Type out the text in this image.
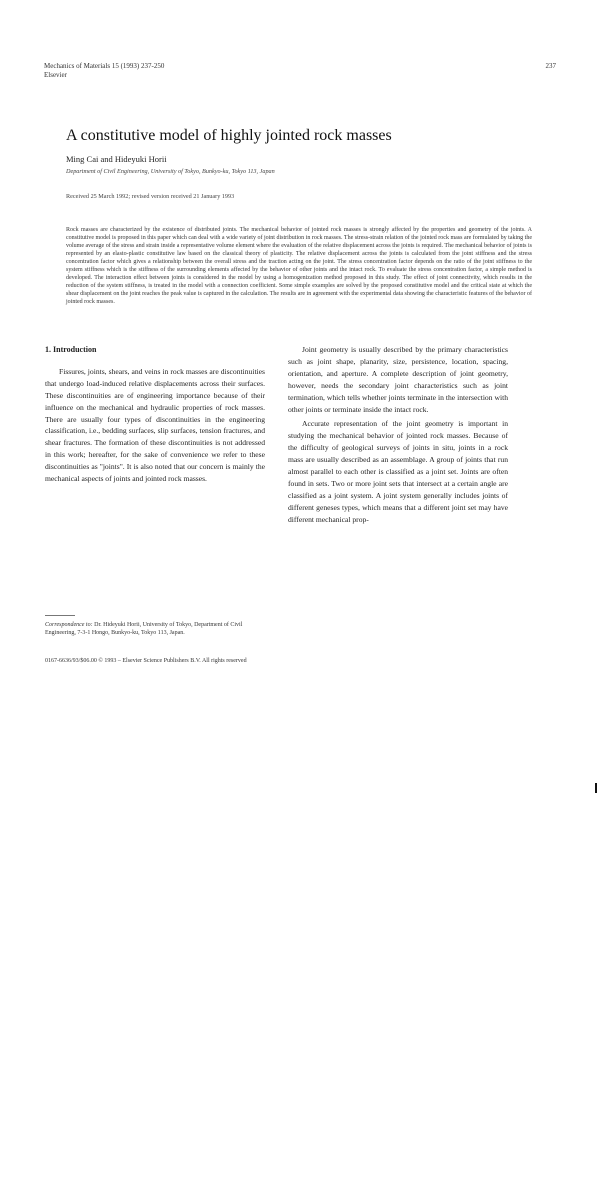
Mechanics of Materials 15 (1993) 237-250
Elsevier
237
A constitutive model of highly jointed rock masses
Ming Cai and Hideyuki Horii
Department of Civil Engineering, University of Tokyo, Bunkyo-ku, Tokyo 113, Japan
Received 25 March 1992; revised version received 21 January 1993

Rock masses are characterized by the existence of distributed joints. The mechanical behavior of jointed rock masses is strongly affected by the properties and geometry of the joints. A constitutive model is proposed in this paper which can deal with a wide variety of joint distribution in rock masses. The stress-strain relation of the jointed rock mass are formulated by taking the volume average of the stress and strain inside a representative volume element where the evaluation of the relative displacement across the joints is required. The mechanical behavior of joints is represented by an elasto-plastic constitutive law based on the classical theory of plasticity. The relative displacement across the joints is calculated from the joint stiffness and the stress concentration factor which gives a relationship between the overall stress and the traction acting on the joint. The stress concentration factor depends on the ratio of the joint stiffness to the system stiffness which is the stiffness of the surrounding elements affected by the behavior of other joints and the intact rock. To evaluate the stress concentration factor, a simple method is developed. The interaction effect between joints is considered in the model by using a homogenization method proposed in this study. The effect of joint connectivity, which results in the reduction of the system stiffness, is treated in the model with a connection coefficient. Some simple examples are solved by the proposed constitutive model and the critical state at which the shear displacement on the joint reaches the peak value is captured in the calculation. The results are in agreement with the experimental data showing the characteristic features of the behavior of jointed rock masses.

1. Introduction

Fissures, joints, shears, and veins in rock masses are discontinuities that undergo load-induced relative displacements across their surfaces. These discontinuities are of engineering importance because of their influence on the mechanical and hydraulic properties of rock masses. There are usually four types of discontinuities in the engineering classification, i.e., bedding surfaces, slip surfaces, tension fractures, and shear fractures. The formation of these discontinuities is not addressed in this work; hereafter, for the sake of convenience we refer to these discontinuities as "joints". It is also noted that our concern is mainly the mechanical aspects of joints and jointed rock masses.

Joint geometry is usually described by the primary characteristics such as joint shape, planarity, size, persistence, location, spacing, orientation, and aperture. A complete description of joint geometry, however, needs the secondary joint characteristics such as joint termination, which tells whether joints terminate in the intersection with other joints or terminate inside the intact rock.

Accurate representation of the joint geometry is important in studying the mechanical behavior of jointed rock masses. Because of the difficulty of geological surveys of joints in situ, joints in a rock mass are usually described as an assemblage. A group of joints that run almost parallel to each other is classified as a joint set. Joints are often found in sets. Two or more joint sets that intersect at a certain angle are classified as a joint system. A joint system generally includes joints of different geneses types, which means that a different joint set may have different mechanical prop-

Correspondence to: Dr. Hideyuki Horii, University of Tokyo, Department of Civil Engineering, 7-3-1 Hongo, Bunkyo-ku, Tokyo 113, Japan.
0167-6636/93/$06.00 © 1993 – Elsevier Science Publishers B.V. All rights reserved
